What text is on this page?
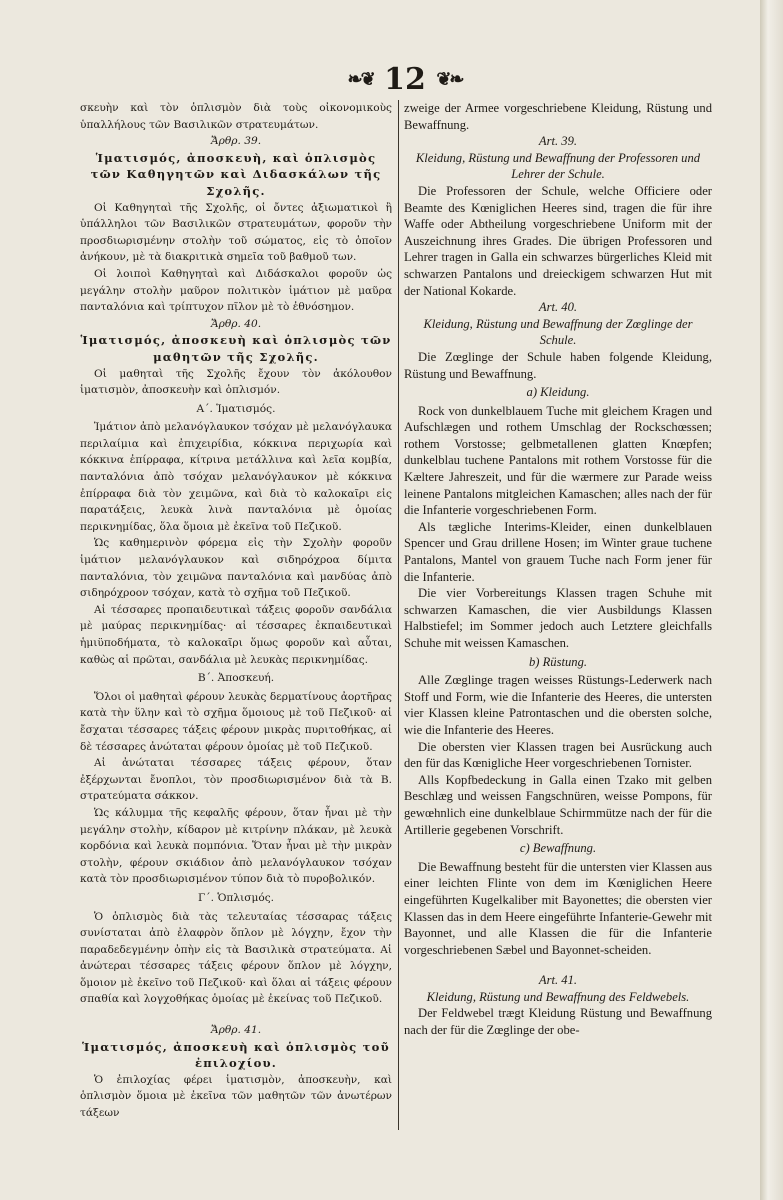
❧❦ 12 ❦❧

σκευὴν καὶ τὸν ὁπλισμὸν διὰ τοὺς οἰκονομικοὺς ὑπαλλήλους τῶν Βασιλικῶν στρατευμάτων.

Ἄρθρ. 39.

Ἱματισμός, ἀποσκευὴ, καὶ ὁπλισμὸς τῶν Καθηγητῶν καὶ Διδασκάλων τῆς Σχολῆς.

Οἱ Καθηγηταὶ τῆς Σχολῆς, οἱ ὄντες ἀξιωματικοὶ ἢ ὑπάλληλοι τῶν Βασιλικῶν στρατευμάτων, φοροῦν τὴν προσδιωρισμένην στολὴν τοῦ σώματος, εἰς τὸ ὁποῖον ἀνήκουν, μὲ τὰ διακριτικὰ σημεῖα τοῦ βαθμοῦ των.

Οἱ λοιποὶ Καθηγηταὶ καὶ Διδάσκαλοι φοροῦν ὡς μεγάλην στολὴν μαῦρον πολιτικὸν ἱμάτιον μὲ μαῦρα πανταλόνια καὶ τρίπτυχον πῖλον μὲ τὸ ἐθνόσημον.

Ἄρθρ. 40.

Ἱματισμός, ἀποσκευὴ καὶ ὁπλισμὸς τῶν μαθητῶν τῆς Σχολῆς.

Οἱ μαθηταὶ τῆς Σχολῆς ἔχουν τὸν ἀκόλουθον ἱματισμὸν, ἀποσκευὴν καὶ ὁπλισμόν.

Α΄. Ἱματισμός.

Ἱμάτιον ἀπὸ μελανόγλαυκον τσόχαν μὲ μελανόγλαυκα περιλαίμια καὶ ἐπιχειρίδια, κόκκινα περιχωρία καὶ κόκκινα ἐπίρραφα, κίτρινα μετάλλινα καὶ λεῖα κομβία, πανταλόνια ἀπὸ τσόχαν μελανόγλαυκον μὲ κόκκινα ἐπίρραφα διὰ τὸν χειμῶνα, καὶ διὰ τὸ καλοκαῖρι εἰς παρατάξεις, λευκὰ λινὰ πανταλόνια μὲ ὁμοίας περικνημίδας, ὅλα ὅμοια μὲ ἐκεῖνα τοῦ Πεζικοῦ.

Ὡς καθημερινὸν φόρεμα εἰς τὴν Σχολὴν φοροῦν ἱμάτιον μελανόγλαυκον καὶ σιδηρόχροα δίμιτα πανταλόνια, τὸν χειμῶνα πανταλόνια καὶ μανδύας ἀπὸ σιδηρόχροον τσόχαν, κατὰ τὸ σχῆμα τοῦ Πεζικοῦ.

Αἱ τέσσαρες προπαιδευτικαὶ τάξεις φοροῦν σανδάλια μὲ μαύρας περικνημίδας· αἱ τέσσαρες ἐκπαιδευτικαὶ ἡμιϋποδήματα, τὸ καλοκαῖρι ὅμως φοροῦν καὶ αὗται, καθὼς αἱ πρῶται, σανδάλια μὲ λευκὰς περικνημίδας.

Β΄. Ἀποσκευή.

Ὅλοι οἱ μαθηταὶ φέρουν λευκὰς δερματίνους ἀορτῆρας κατὰ τὴν ὕλην καὶ τὸ σχῆμα ὅμοιους μὲ τοῦ Πεζικοῦ· αἱ ἔσχαται τέσσαρες τάξεις φέρουν μικρὰς πυριτοθήκας, αἱ δὲ τέσσαρες ἀνώταται φέρουν ὁμοίας μὲ τοῦ Πεζικοῦ.

Αἱ ἀνώταται τέσσαρες τάξεις φέρουν, ὅταν ἐξέρχωνται ἔνοπλοι, τὸν προσδιωρισμένον διὰ τὰ Β. στρατεύματα σάκκον.

Ὡς κάλυμμα τῆς κεφαλῆς φέρουν, ὅταν ἦναι μὲ τὴν μεγάλην στολὴν, κίδαρον μὲ κιτρίνην πλάκαν, μὲ λευκὰ κορδόνια καὶ λευκὰ πομπόνια. Ὅταν ἦναι μὲ τὴν μικρὰν στολὴν, φέρουν σκιάδιον ἀπὸ μελανόγλαυκον τσόχαν κατὰ τὸν προσδιωρισμένον τύπον διὰ τὸ πυροβολικόν.

Γ΄. Ὁπλισμός.

Ὁ ὁπλισμὸς διὰ τὰς τελευταίας τέσσαρας τάξεις συνίσταται ἀπὸ ἐλαφρὸν ὅπλον μὲ λόγχην, ἔχον τὴν παραδεδεγμένην ὀπὴν εἰς τὰ Βασιλικὰ στρατεύματα. Αἱ ἀνώτεραι τέσσαρες τάξεις φέρουν ὅπλον μὲ λόγχην, ὅμοιον μὲ ἐκεῖνο τοῦ Πεζικοῦ· καὶ ὅλαι αἱ τάξεις φέρουν σπαθία καὶ λογχοθήκας ὁμοίας μὲ ἐκείνας τοῦ Πεζικοῦ.

Ἄρθρ. 41.

Ἱματισμός, ἀποσκευὴ καὶ ὁπλισμὸς τοῦ ἐπιλοχίου.

Ὁ ἐπιλοχίας φέρει ἱματισμὸν, ἀποσκευὴν, καὶ ὁπλισμὸν ὅμοια μὲ ἐκεῖνα τῶν μαθητῶν τῶν ἀνωτέρων τάξεων

zweige der Armee vorgeschriebene Kleidung, Rüstung und Bewaffnung.

Art. 39.

Kleidung, Rüstung und Bewaffnung der Professoren und Lehrer der Schule.

Die Professoren der Schule, welche Officiere oder Beamte des Kœniglichen Heeres sind, tragen die für ihre Waffe oder Abtheilung vorgeschriebene Uniform mit der Auszeichnung ihres Grades. Die übrigen Professoren und Lehrer tragen in Galla ein schwarzes bürgerliches Kleid mit schwarzen Pantalons und dreieckigem schwarzen Hut mit der National Kokarde.

Art. 40.

Kleidung, Rüstung und Bewaffnung der Zœglinge der Schule.

Die Zœglinge der Schule haben folgende Kleidung, Rüstung und Bewaffnung.

a) Kleidung.

Rock von dunkelblauem Tuche mit gleichem Kragen und Aufschlægen und rothem Umschlag der Rockschœssen; rothem Vorstosse; gelbmetallenen glatten Knœpfen; dunkelblau tuchene Pantalons mit rothem Vorstosse für die Kæltere Jahreszeit, und für die wærmere zur Parade weiss leinene Pantalons mitgleichen Kamaschen; alles nach der für die Infanterie vorgeschriebenen Form.

Als tægliche Interims-Kleider, einen dunkelblauen Spencer und Grau drillene Hosen; im Winter graue tuchene Pantalons, Mantel von grauem Tuche nach Form jener für die Infanterie.

Die vier Vorbereitungs Klassen tragen Schuhe mit schwarzen Kamaschen, die vier Ausbildungs Klassen Halbstiefel; im Sommer jedoch auch Letztere gleichfalls Schuhe mit weissen Kamaschen.

b) Rüstung.

Alle Zœglinge tragen weisses Rüstungs-Lederwerk nach Stoff und Form, wie die Infanterie des Heeres, die untersten vier Klassen kleine Patrontaschen und die obersten solche, wie die Infanterie des Heeres.

Die obersten vier Klassen tragen bei Ausrückung auch den für das Kœnigliche Heer vorgeschriebenen Tornister.

Alls Kopfbedeckung in Galla einen Tzako mit gelben Beschlæg und weissen Fangschnüren, weisse Pompons, für gewœhnlich eine dunkelblaue Schirmmütze nach der für die Artillerie gegebenen Vorschrift.

c) Bewaffnung.

Die Bewaffnung besteht für die untersten vier Klassen aus einer leichten Flinte von dem im Kœniglichen Heere eingeführten Kugelkaliber mit Bayonettes; die obersten vier Klassen das in dem Heere eingeführte Infanterie-Gewehr mit Bayonnet, und alle Klassen die für die Infanterie vorgeschriebenen Sæbel und Bayonnet-scheiden.

Art. 41.

Kleidung, Rüstung und Bewaffnung des Feldwebels.

Der Feldwebel trægt Kleidung Rüstung und Bewaffnung nach der für die Zœglinge der obe-
